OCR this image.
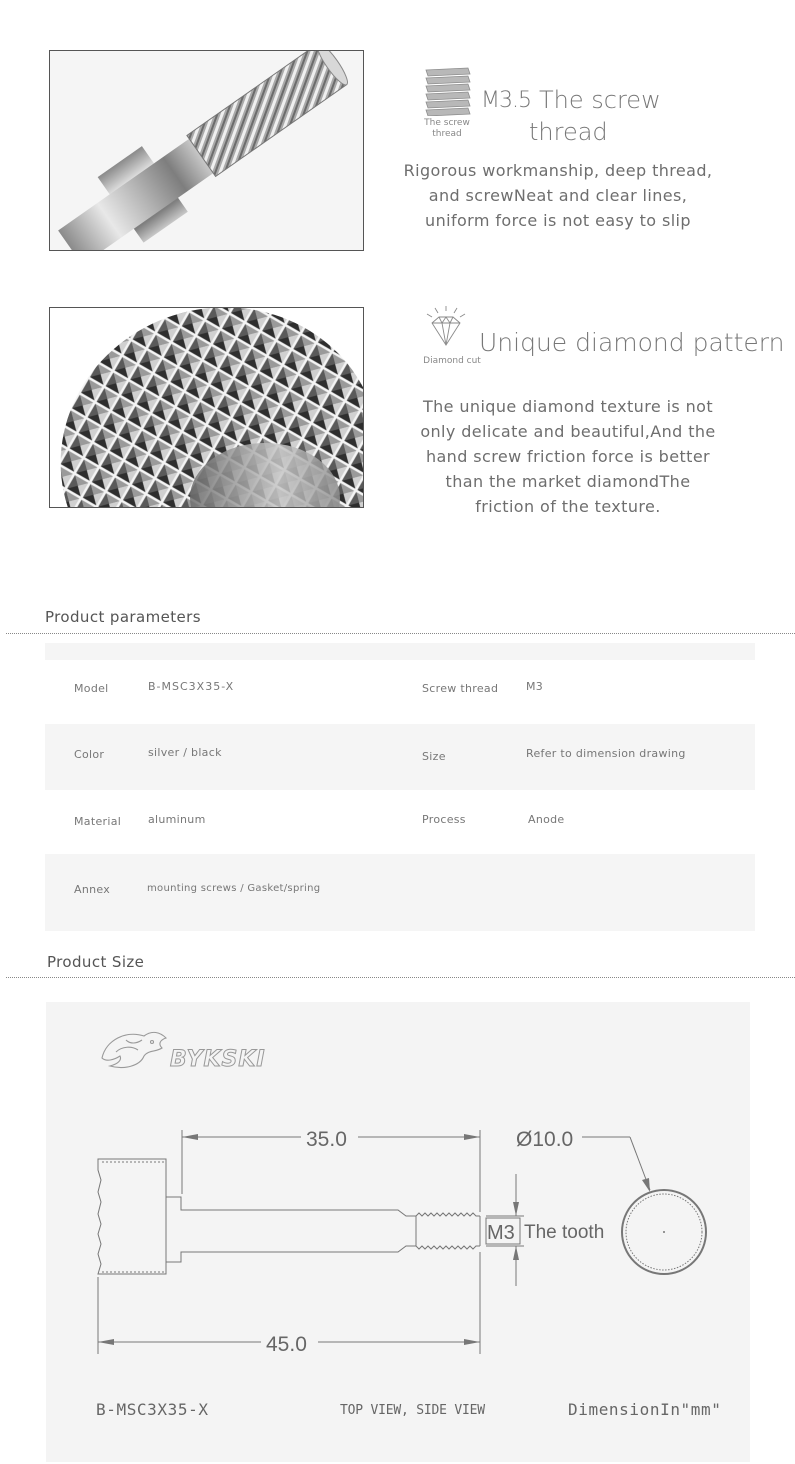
The screw
thread
M3.5 The screw
thread
Rigorous workmanship, deep thread,
and screwNeat and clear lines,
uniform force is not easy to slip
Diamond cut
Unique diamond pattern
The unique diamond texture is not
only delicate and beautiful,And the
hand screw friction force is better
than the market diamondThe
friction of the texture.
Product parameters
Model	B-MSC3X35-X	Screw thread	M3
Color	silver / black	Size	Refer to dimension drawing
Material aluminum	Process	Anode
Annex	mounting screws / Gasket/spring
Product Size
BYKSKI
35.0
45.0
Ø10.0
M3 The tooth
B-MSC3X35-X	TOP VIEW, SIDE VIEW	DimensionIn"mm"
